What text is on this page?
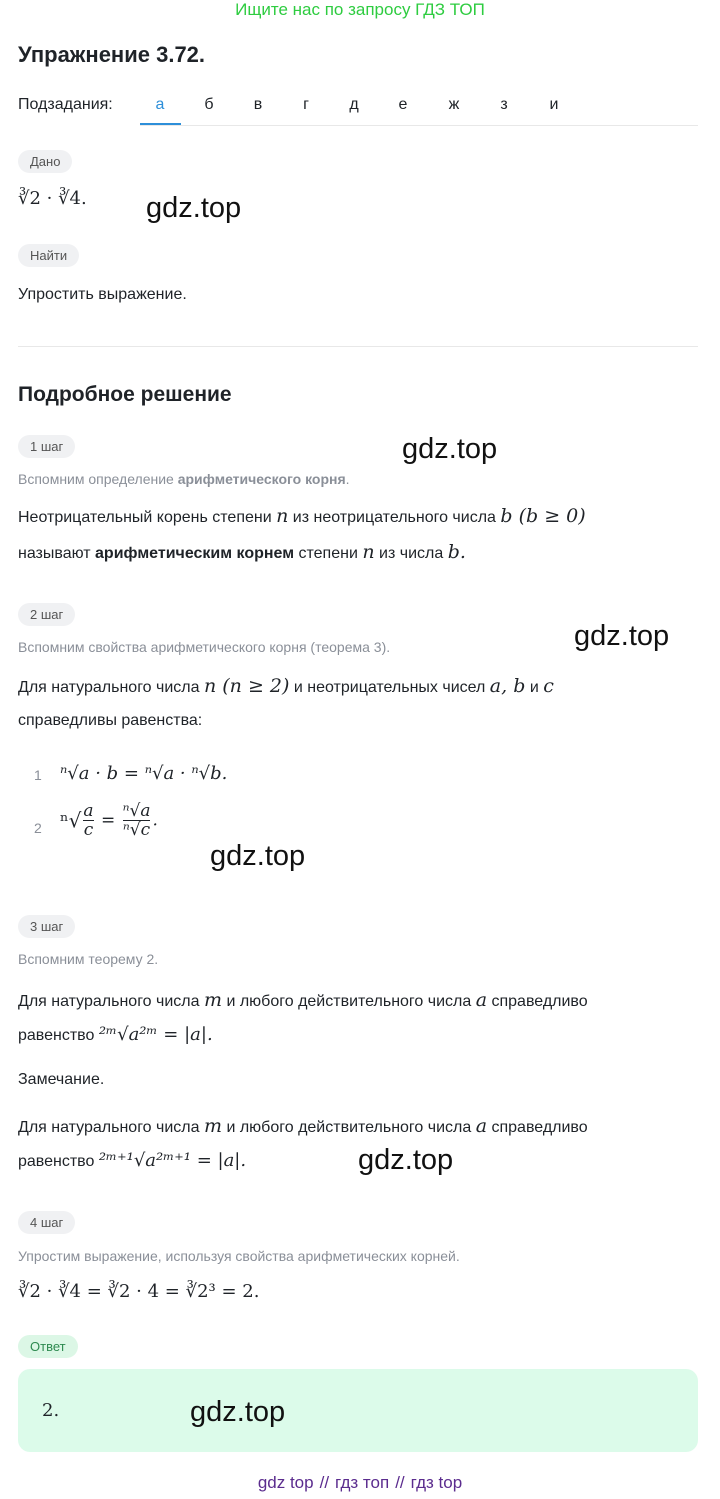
Ищите нас по запросу ГДЗ ТОП
Упражнение 3.72.
Подзадания:	а	б	в	г	д	е	ж	з	и
Дано
∛2 · ∛4. gdz.top
Найти
Упростить выражение.
Подробное решение
1 шаг	gdz.top
Вспомним определение арифметического корня.
Неотрицательный корень степени n из неотрицательного числа b (b ≥ 0)
называют арифметическим корнем степени n из числа b.
2 шаг
gdz.top
Вспомним свойства арифметического корня (теорема 3).
Для натурального числа n (n ≥ 2) и неотрицательных чисел a, b и c
справедливы равенства:
1 ⁿ√a · b = ⁿ√a · ⁿ√b.
2 $^n√ \frac{a}{c} = \frac{\text{ⁿ√a}}{\text{ⁿ√c}}$ .
gdz.top
3 шаг
Вспомним теорему 2.
Для натурального числа m и любого действительного числа a справедливо
равенство ²ᵐ√a²ᵐ = |a|.
Замечание.
Для натурального числа m и любого действительного числа a справедливо
равенство ²ᵐ⁺¹√a²ᵐ⁺¹ = |a|.	gdz.top
4 шаг
Упростим выражение, используя свойства арифметических корней.
∛2 · ∛4 = ∛2 · 4 = ∛2³ = 2.
Ответ
2.	gdz.top
gdz top // гдз топ // гдз top
